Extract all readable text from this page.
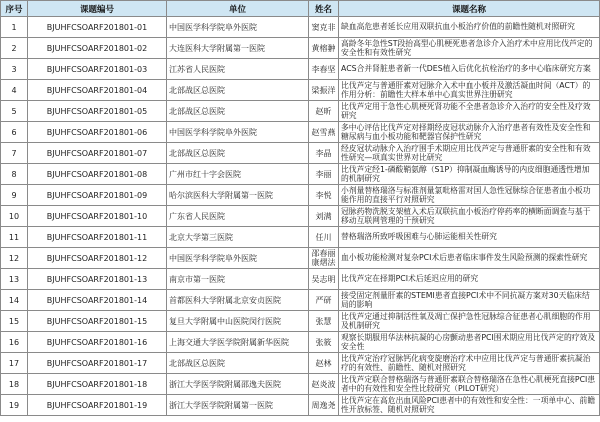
序号	课题编号	单位	姓名	课题名称
1	BJUHFCSOARF201801-01	中国医学科学院阜外医院	窦克非	缺血高危患者延长应用双联抗血小板治疗价值的前瞻性随机对照研究
2	BJUHFCSOARF201801-02	大连医科大学附属第一医院	黄榕翀	高龄冬年急性ST段抬高型心肌梗死患者急诊介入治疗术中应用比伐芦定的安全性和有效性研究
3	BJUHFCSOARF201801-03	江苏省人民医院	李春坚	ACS合并肾脏患者新一代DES植入后优化抗栓治疗的多中心临床研究方案
4	BJUHFCSOARF201801-04	北部战区总医院	梁振洋	比伐芦定与普通肝素对冠脉介入术中血小板并及激活凝血时间（ACT）的作用分析：前瞻性大样本单中心真实世界注册研究
5	BJUHFCSOARF201801-05	北部战区总医院	赵昕	比伐芦定用于急性心肌梗死肾功能不全患者急诊介入治疗的安全性及疗效研究
6	BJUHFCSOARF201801-06	中国医学科学院阜外医院	赵雪燕	多中心评估比伐芦定对择期经皮冠状动脉介入治疗患者有效性及安全性和糖尿病与血小板功能和靶器官保护性研究
7	BJUHFCSOARF201801-07	北部战区总医院	李晶	经皮冠状动脉介入治疗围手术期应用比伐芦定与普通肝素的安全性和有效性研究—项真实世界对比研究
8	BJUHFCSOARF201801-08	广州市红十字会医院	李丽	比伐芦定经1-磷酸鞘氨醇（S1P）抑制凝血酶诱导的内皮细胞通透性增加的机制研究
9	BJUHFCSOARF201801-09	哈尔滨医科大学附属第一医院	李悦	小剂量替格瑞洛与标准剂量氯吡格雷对国人急性冠脉综合征患者血小板功能作用的直接平行对照研究
10	BJUHFCSOARF201801-10	广东省人民医院	刘满	冠脉药物洗脱支架植入术后双联抗血小板治疗停药率的横断面调查与基于移动互联网管理的干预研究
11	BJUHFCSOARF201801-11	北京大学第三医院	任川	替格瑞洛所致呼吸困难与心肺运能相关性研究
12	BJUHFCSOARF201801-12	中国医学科学院阜外医院	邵春丽 康熠法	血小板功能检测对复杂PCI术后患者临床事件发生风险预测的探索性研究
13	BJUHFCSOARF201801-13	南京市第一医院	吴志明	比伐芦定在择期PCI术后延迟应用的研究
14	BJUHFCSOARF201801-14	首都医科大学附属北京安贞医院	严研	接受固定剂量肝素的STEMI患者直接PCI术中不同抗凝方案对30天临床结局的影响
15	BJUHFCSOARF201801-15	复旦大学附属中山医院闵行医院	张慧	比伐芦定通过抑制活性氧及凋亡保护急性冠脉综合征患者心肌细胞的作用及机制研究
16	BJUHFCSOARF201801-16	上海交通大学医学院附属新华医院	张筱	观察长期服用华法林抗凝的心房颤动患者PCI围术期应用比伐芦定的疗效及安全性
17	BJUHFCSOARF201801-17	北部战区总医院	赵林	比伐芦定治疗冠脉钙化病变旋磨治疗术中应用比伐芦定与普通肝素抗凝治疗的有效性、前瞻性、随机对照研究
18	BJUHFCSOARF201801-18	浙江大学医学院附属邵逸夫医院	赵炎波	比伐芦定联合替格瑞洛与普通肝素联合替格瑞洛在急性心肌梗死直接PCI患者中的有效性和安全性比较研究（PILOT研究）
19	BJUHFCSOARF201801-19	浙江大学医学院附属第一医院	周逸尧	比伐芦定在高危出血风险PCI患者中的有效性和安全性：一项单中心、前瞻性开放标签、随机对照研究
